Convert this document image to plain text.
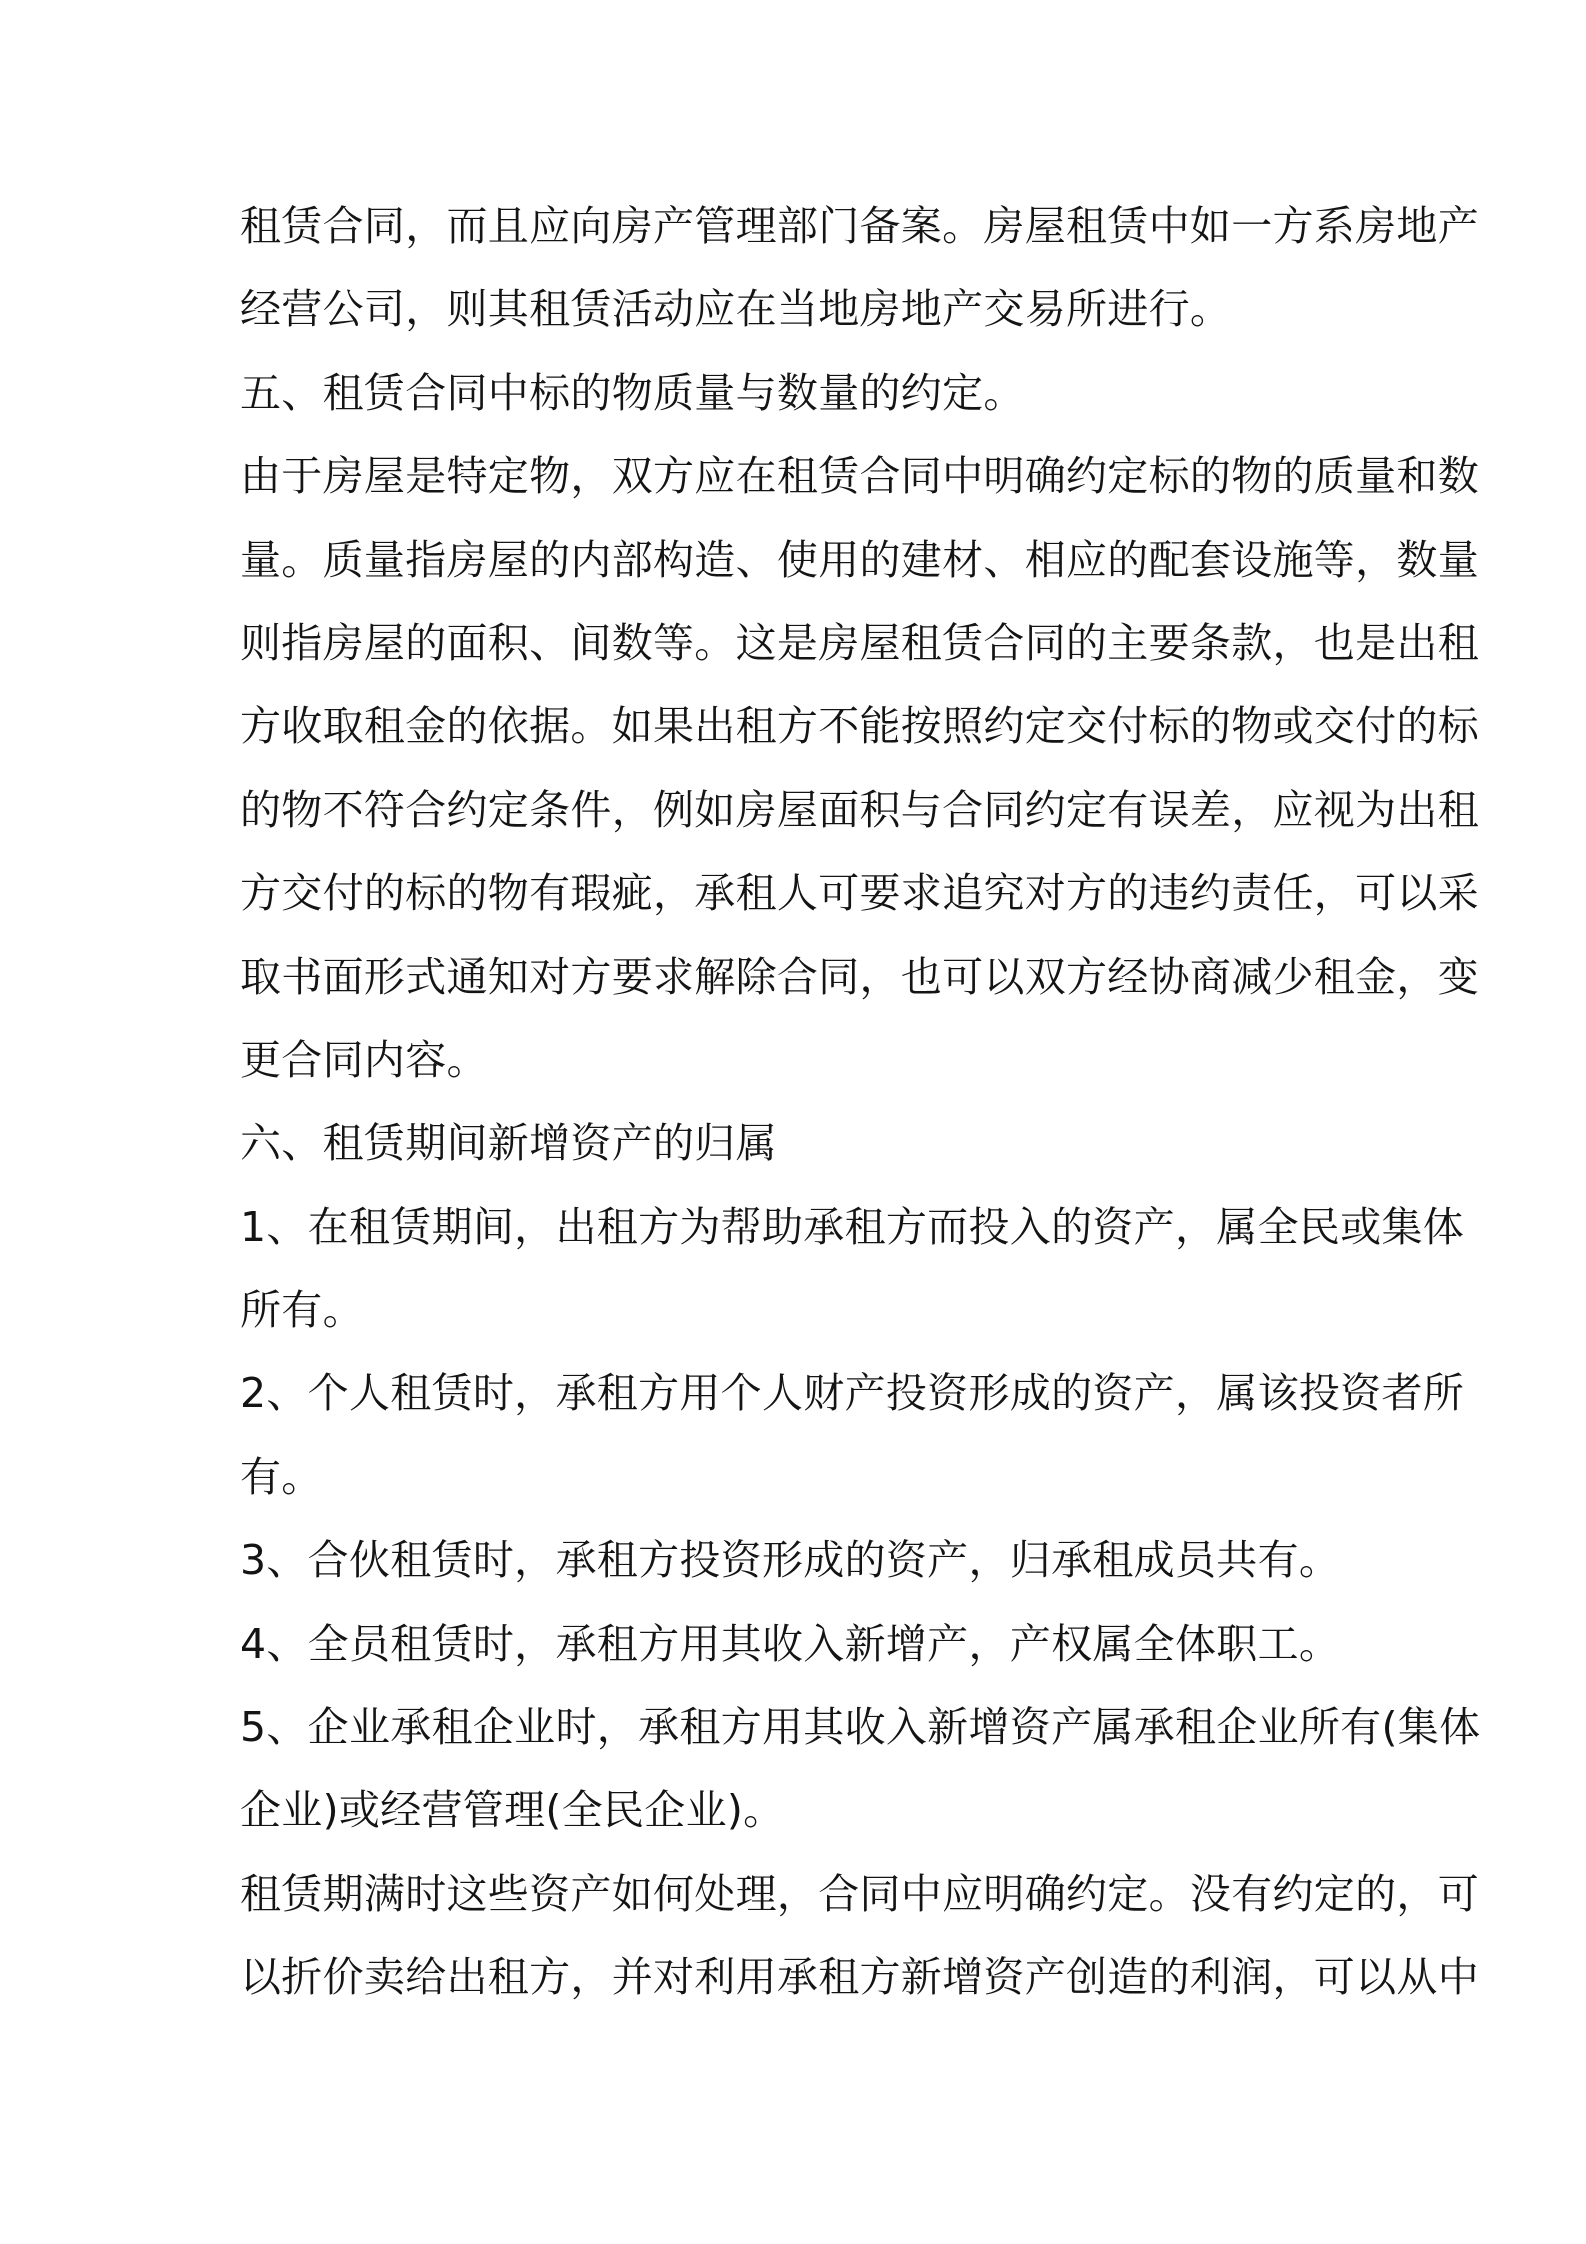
租赁合同，而且应向房产管理部门备案。房屋租赁中如一方系房地产
经营公司，则其租赁活动应在当地房地产交易所进行。
五、租赁合同中标的物质量与数量的约定。
由于房屋是特定物，双方应在租赁合同中明确约定标的物的质量和数
量。质量指房屋的内部构造、使用的建材、相应的配套设施等，数量
则指房屋的面积、间数等。这是房屋租赁合同的主要条款，也是出租
方收取租金的依据。如果出租方不能按照约定交付标的物或交付的标
的物不符合约定条件，例如房屋面积与合同约定有误差，应视为出租
方交付的标的物有瑕疵，承租人可要求追究对方的违约责任，可以采
取书面形式通知对方要求解除合同，也可以双方经协商减少租金，变
更合同内容。
六、租赁期间新增资产的归属
1、在租赁期间，出租方为帮助承租方而投入的资产，属全民或集体
所有。
2、个人租赁时，承租方用个人财产投资形成的资产，属该投资者所
有。
3、合伙租赁时，承租方投资形成的资产，归承租成员共有。
4、全员租赁时，承租方用其收入新增产，产权属全体职工。
5、企业承租企业时，承租方用其收入新增资产属承租企业所有(集体
企业)或经营管理(全民企业)。
租赁期满时这些资产如何处理，合同中应明确约定。没有约定的，可
以折价卖给出租方，并对利用承租方新增资产创造的利润，可以从中
